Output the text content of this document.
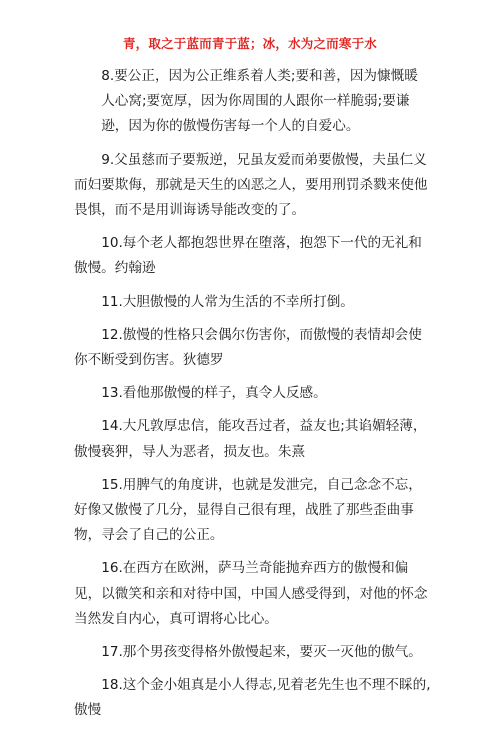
青，取之于蓝而青于蓝；冰，水为之而寒于水

8.要公正，因为公正维系着人类;要和善，因为慷慨暖人心窝;要宽厚，因为你周围的人跟你一样脆弱;要谦逊，因为你的傲慢伤害每一个人的自爱心。

9.父虽慈而子要叛逆，兄虽友爱而弟要傲慢，夫虽仁义而妇要欺侮，那就是天生的凶恶之人，要用刑罚杀戮来使他畏惧，而不是用训诲诱导能改变的了。

10.每个老人都抱怨世界在堕落，抱怨下一代的无礼和傲慢。约翰逊

11.大胆傲慢的人常为生活的不幸所打倒。

12.傲慢的性格只会偶尔伤害你，而傲慢的表情却会使你不断受到伤害。狄德罗

13.看他那傲慢的样子，真令人反感。

14.大凡敦厚忠信，能攻吾过者，益友也;其谄媚轻薄，傲慢亵狎，导人为恶者，损友也。朱熹

15.用脾气的角度讲，也就是发泄完，自己念念不忘，好像又傲慢了几分，显得自己很有理，战胜了那些歪曲事物，寻会了自己的公正。

16.在西方在欧洲，萨马兰奇能抛弃西方的傲慢和偏见，以微笑和亲和对待中国，中国人感受得到，对他的怀念当然发自内心，真可谓将心比心。

17.那个男孩变得格外傲慢起来，要灭一灭他的傲气。

18.这个金小姐真是小人得志,见着老先生也不理不睬的,傲慢
